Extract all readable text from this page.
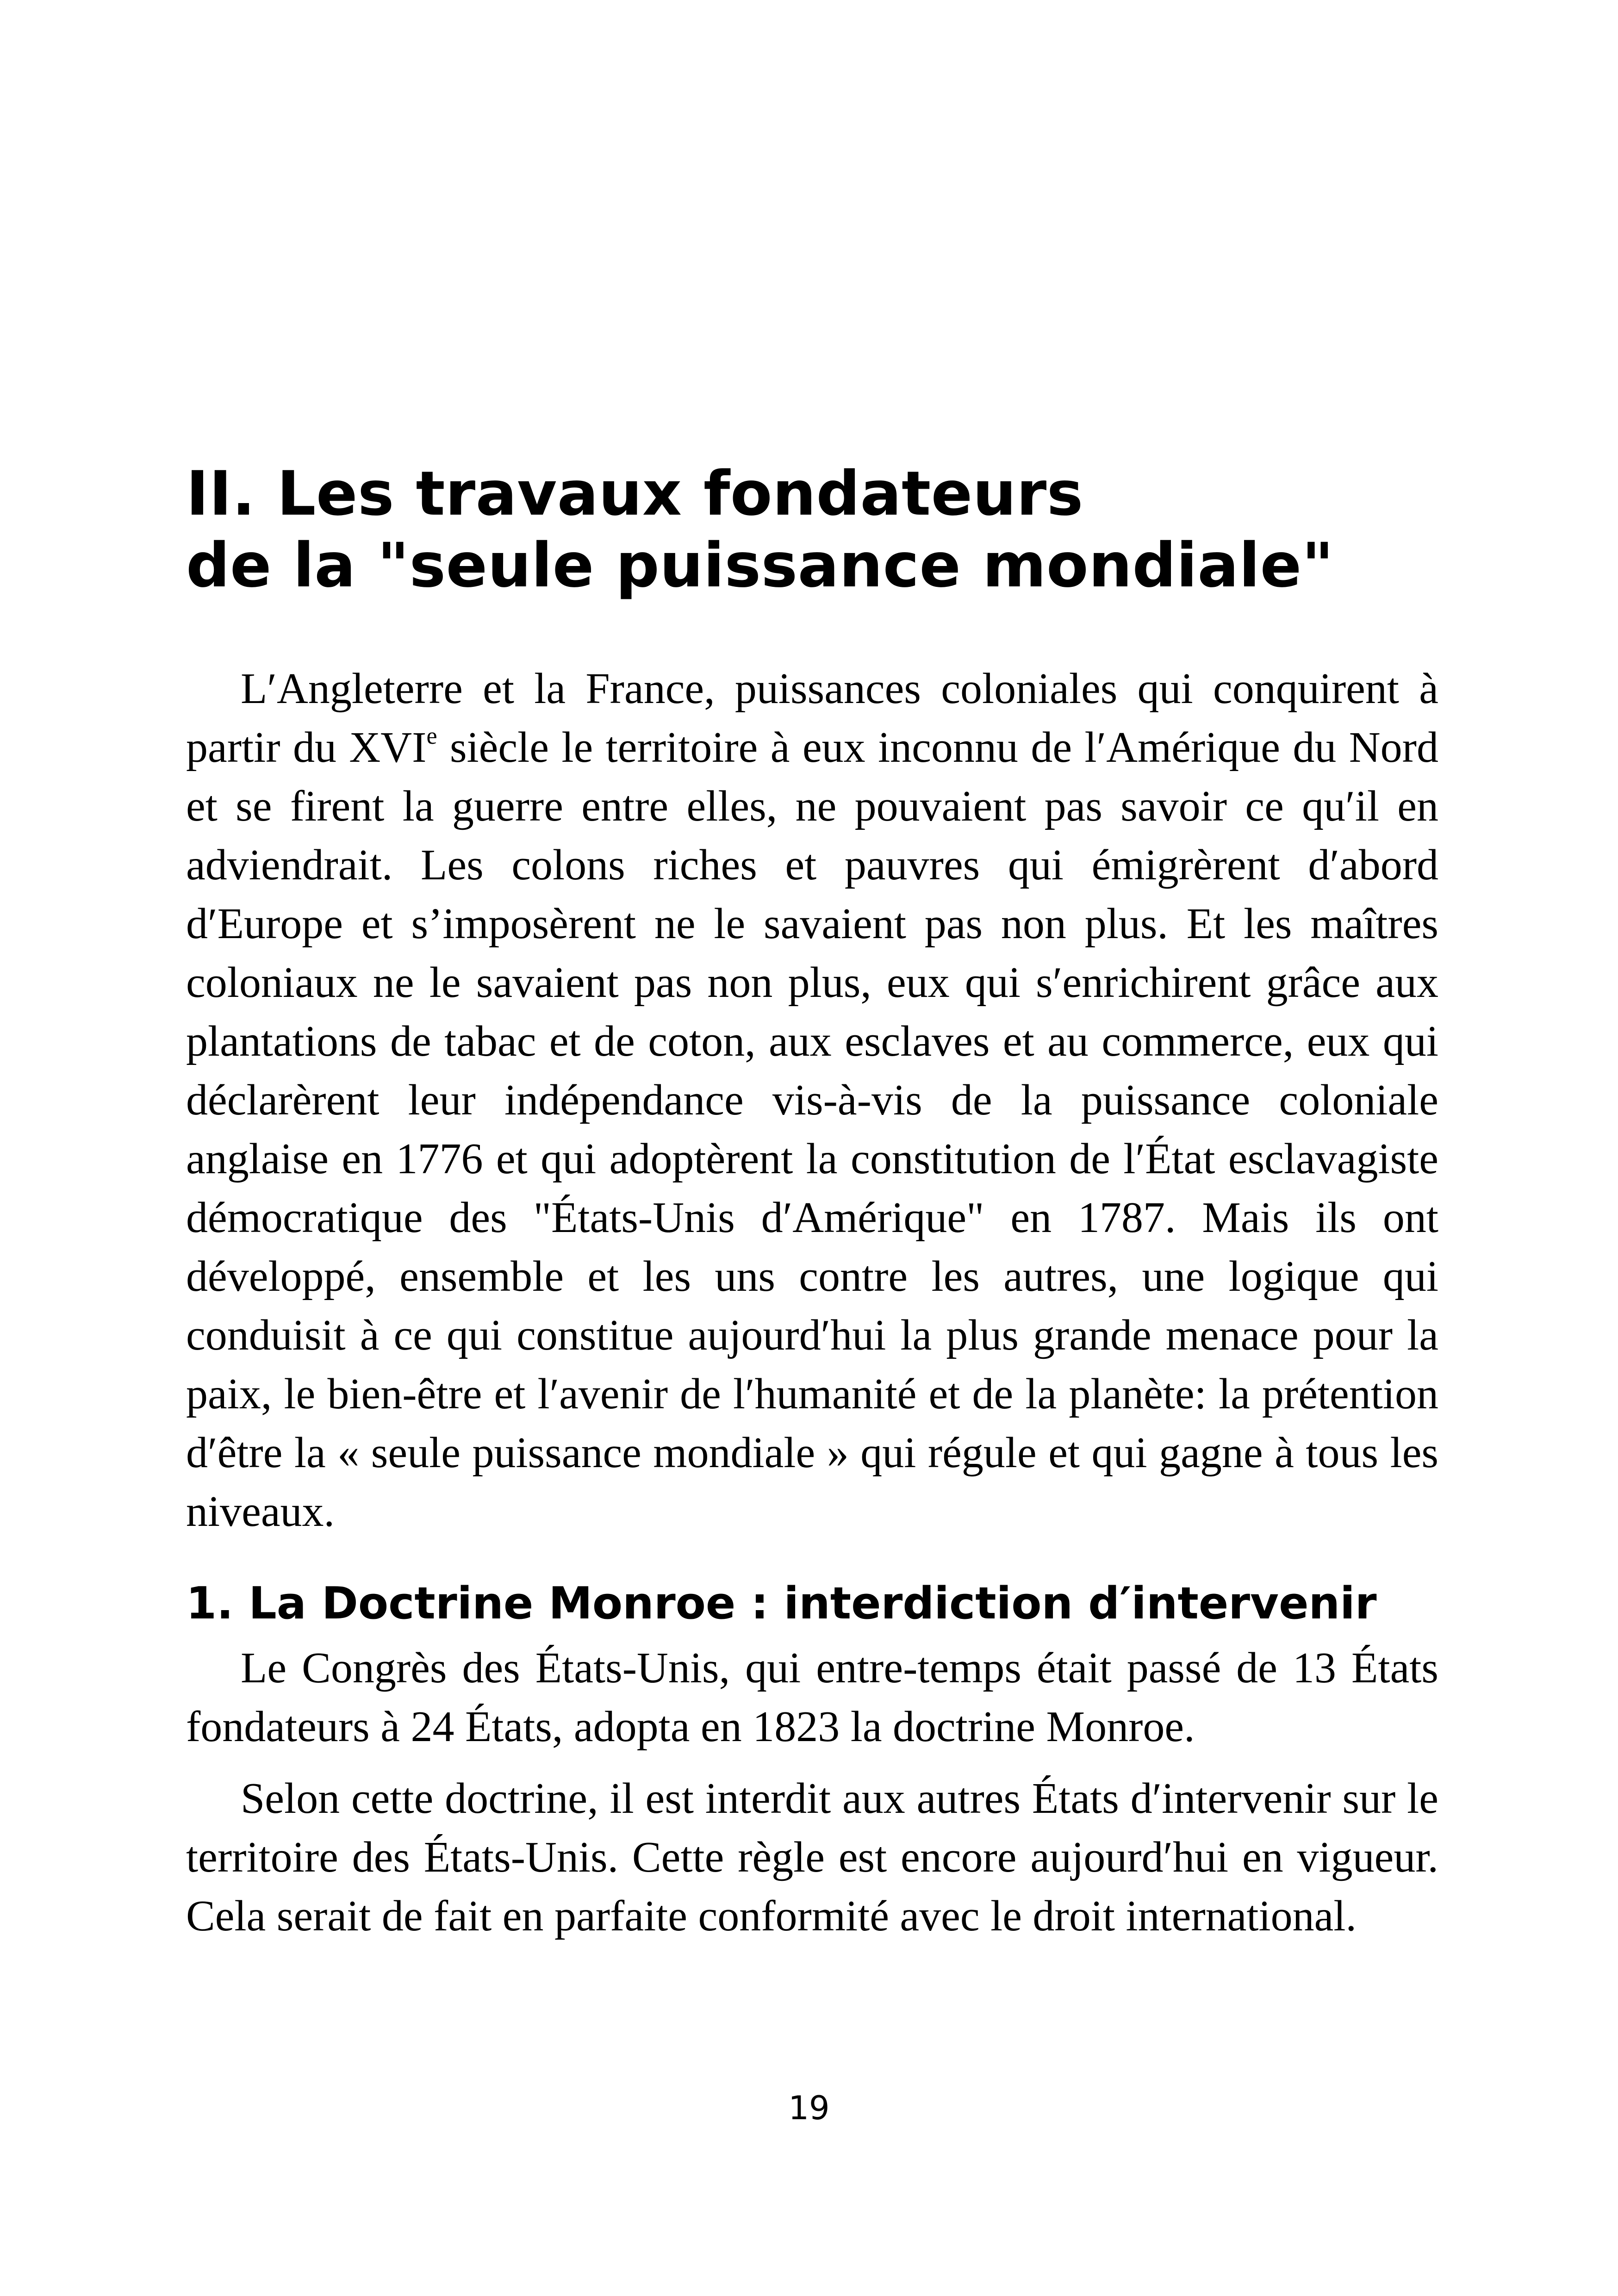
II. Les travaux fondateurs
de la "seule puissance mondiale"

L′Angleterre et la France, puissances coloniales qui conquirent à partir du XVIe siècle le territoire à eux inconnu de l′Amérique du Nord et se firent la guerre entre elles, ne pouvaient pas savoir ce qu′il en adviendrait. Les colons riches et pauvres qui émigrèrent d′abord d′Europe et s’imposèrent ne le savaient pas non plus. Et les maîtres coloniaux ne le savaient pas non plus, eux qui s′enrichirent grâce aux plantations de tabac et de coton, aux esclaves et au commerce, eux qui déclarèrent leur indépendance vis-à-vis de la puissance coloniale anglaise en 1776 et qui adoptèrent la constitution de l′État esclavagiste démocratique des "États-Unis d′Amérique" en 1787. Mais ils ont développé, ensemble et les uns contre les autres, une logique qui conduisit à ce qui constitue aujourd′hui la plus grande menace pour la paix, le bien-être et l′avenir de l′humanité et de la planète: la prétention d′être la « seule puissance mondiale » qui régule et qui gagne à tous les niveaux.

1. La Doctrine Monroe : interdiction d′intervenir

Le Congrès des États-Unis, qui entre-temps était passé de 13 États fondateurs à 24 États, adopta en 1823 la doctrine Monroe.

Selon cette doctrine, il est interdit aux autres États d′intervenir sur le territoire des États-Unis. Cette règle est encore aujourd′hui en vigueur. Cela serait de fait en parfaite conformité avec le droit international.

19
